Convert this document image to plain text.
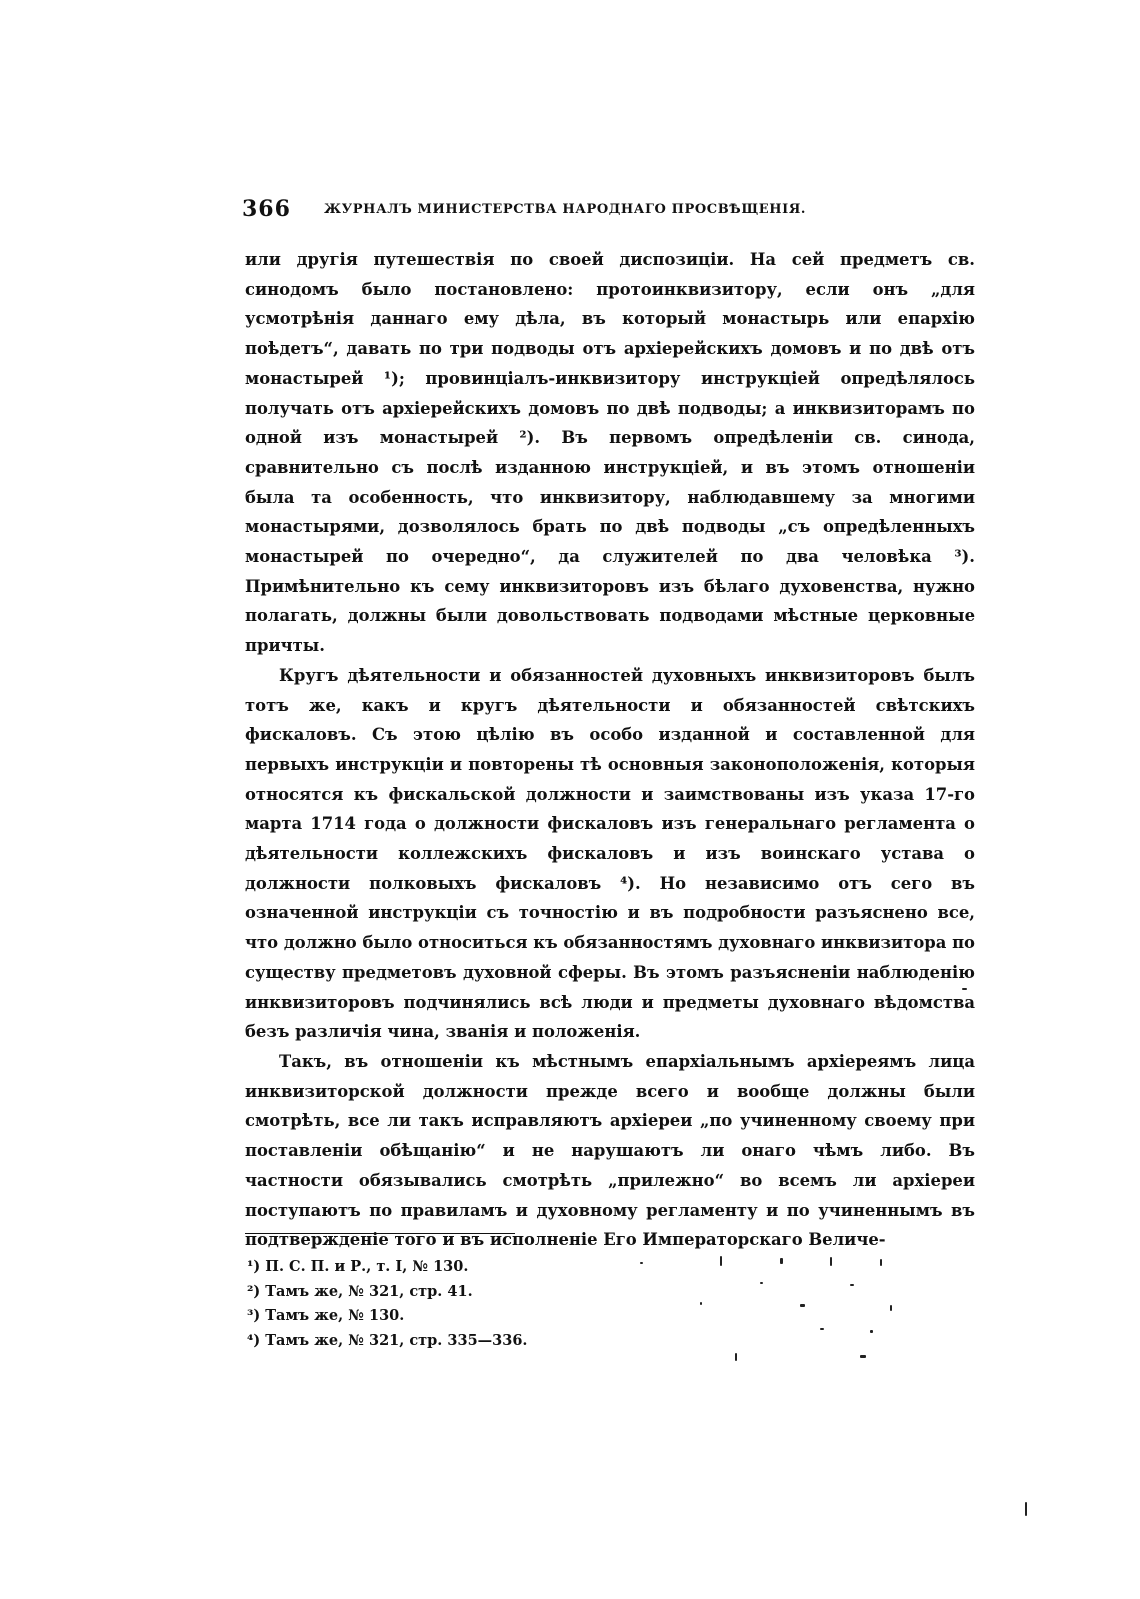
366	ЖУРНАЛЪ МИНИСТЕРСТВА НАРОДНАГО ПРОСВѢЩЕНІЯ.

или другія путешествія по своей диспозиціи. На сей предметъ св. синодомъ было постановлено: протоинквизитору, если онъ „для усмотрѣнія даннаго ему дѣла, въ который монастырь или епархію поѣдетъ“, давать по три подводы отъ архіерейскихъ домовъ и по двѣ отъ монастырей ¹); провинціалъ-инквизитору инструкціей опредѣлялось получать отъ архіерейскихъ домовъ по двѣ подводы; а инквизиторамъ по одной изъ монастырей ²). Въ первомъ опредѣленіи св. синода, сравнительно съ послѣ изданною инструкціей, и въ этомъ отношеніи была та особенность, что инквизитору, наблюдавшему за многими монастырями, дозволялось брать по двѣ подводы „съ опредѣленныхъ монастырей по очередно“, да служителей по два человѣка ³). Примѣнительно къ сему инквизиторовъ изъ бѣлаго духовенства, нужно полагать, должны были довольствовать подводами мѣстные церковные причты.

Кругъ дѣятельности и обязанностей духовныхъ инквизиторовъ былъ тотъ же, какъ и кругъ дѣятельности и обязанностей свѣтскихъ фискаловъ. Съ этою цѣлію въ особо изданной и составленной для первыхъ инструкціи и повторены тѣ основныя законоположенія, которыя относятся къ фискальской должности и заимствованы изъ указа 17-го марта 1714 года о должности фискаловъ изъ генеральнаго регламента о дѣятельности коллежскихъ фискаловъ и изъ воинскаго устава о должности полковыхъ фискаловъ ⁴). Но независимо отъ сего въ означенной инструкціи съ точностію и въ подробности разъяснено все, что должно было относиться къ обязанностямъ духовнаго инквизитора по существу предметовъ духовной сферы. Въ этомъ разъясненіи наблюденію инквизиторовъ подчинялись всѣ люди и предметы духовнаго вѣдомства безъ различія чина, званія и положенія.

Такъ, въ отношеніи къ мѣстнымъ епархіальнымъ архіереямъ лица инквизиторской должности прежде всего и вообще должны были смотрѣть, все ли такъ исправляютъ архіереи „по учиненному своему при поставленіи обѣщанію“ и не нарушаютъ ли онаго чѣмъ либо. Въ частности обязывались смотрѣть „прилежно“ во всемъ ли архіереи поступаютъ по правиламъ и духовному регламенту и по учиненнымъ въ подтвержденіе того и въ исполненіе Его Императорскаго Величе-

¹) П. С. П. и Р., т. I, № 130.
²) Тамъ же, № 321, стр. 41.
³) Тамъ же, № 130.
⁴) Тамъ же, № 321, стр. 335—336.
